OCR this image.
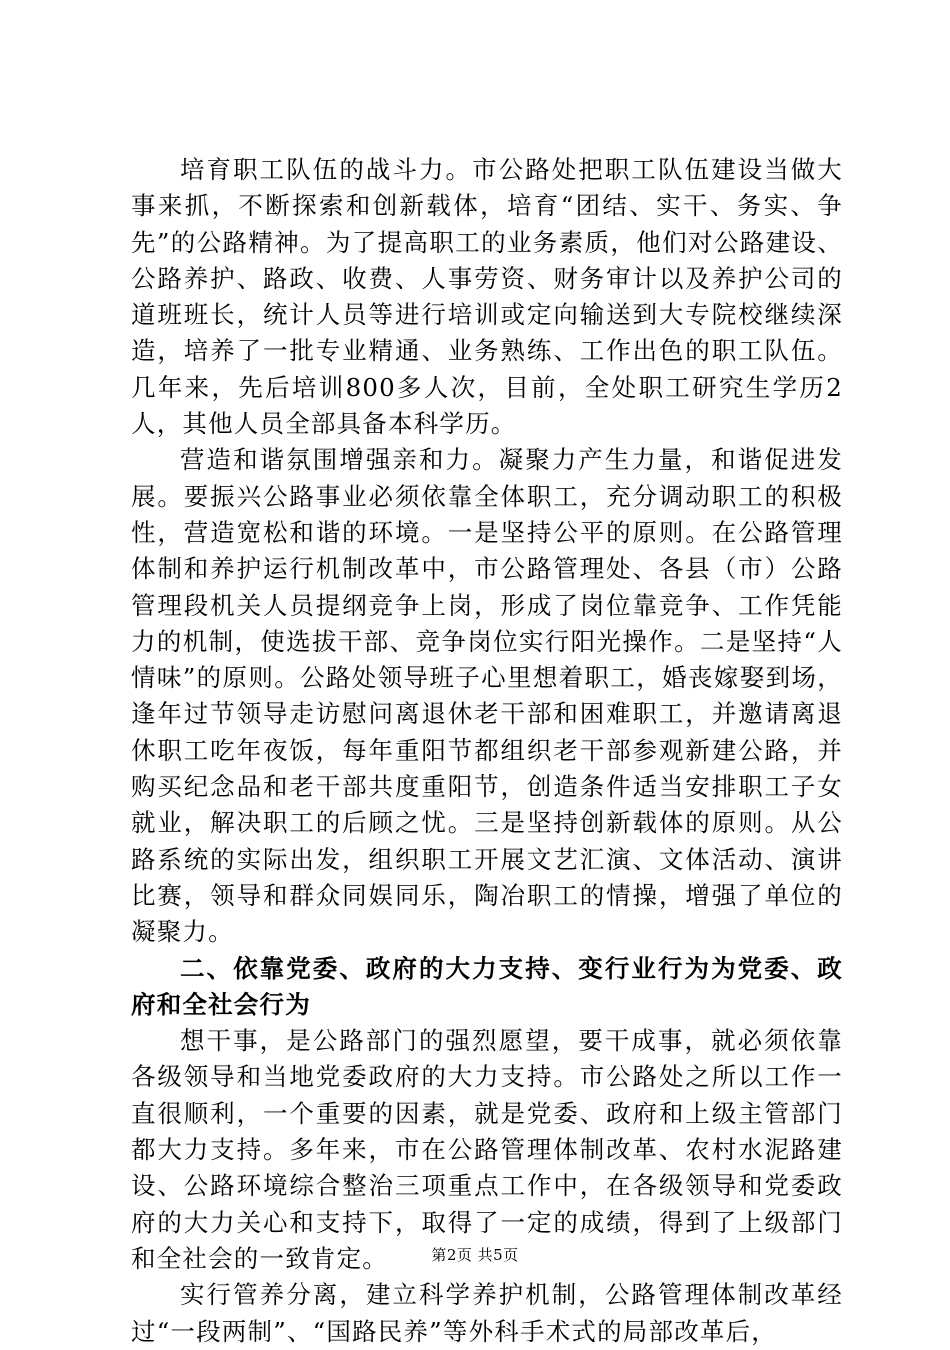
培育职工队伍的战斗力。市公路处把职工队伍建设当做大事来抓，不断探索和创新载体，培育“团结、实干、务实、争先”的公路精神。为了提高职工的业务素质，他们对公路建设、公路养护、路政、收费、人事劳资、财务审计以及养护公司的道班班长，统计人员等进行培训或定向输送到大专院校继续深造，培养了一批专业精通、业务熟练、工作出色的职工队伍。几年来，先后培训800多人次，目前，全处职工研究生学历2人，其他人员全部具备本科学历。

营造和谐氛围增强亲和力。凝聚力产生力量，和谐促进发展。要振兴公路事业必须依靠全体职工，充分调动职工的积极性，营造宽松和谐的环境。一是坚持公平的原则。在公路管理体制和养护运行机制改革中，市公路管理处、各县（市）公路管理段机关人员提纲竞争上岗，形成了岗位靠竞争、工作凭能力的机制，使选拔干部、竞争岗位实行阳光操作。二是坚持“人情味”的原则。公路处领导班子心里想着职工，婚丧嫁娶到场，逢年过节领导走访慰问离退休老干部和困难职工，并邀请离退休职工吃年夜饭，每年重阳节都组织老干部参观新建公路，并购买纪念品和老干部共度重阳节，创造条件适当安排职工子女就业，解决职工的后顾之忧。三是坚持创新载体的原则。从公路系统的实际出发，组织职工开展文艺汇演、文体活动、演讲比赛，领导和群众同娱同乐，陶冶职工的情操，增强了单位的凝聚力。

二、依靠党委、政府的大力支持、变行业行为为党委、政府和全社会行为

想干事，是公路部门的强烈愿望，要干成事，就必须依靠各级领导和当地党委政府的大力支持。市公路处之所以工作一直很顺利，一个重要的因素，就是党委、政府和上级主管部门都大力支持。多年来，市在公路管理体制改革、农村水泥路建设、公路环境综合整治三项重点工作中，在各级领导和党委政府的大力关心和支持下，取得了一定的成绩，得到了上级部门和全社会的一致肯定。

实行管养分离，建立科学养护机制，公路管理体制改革经过“一段两制”、“国路民养”等外科手术式的局部改革后，

第2页 共5页
